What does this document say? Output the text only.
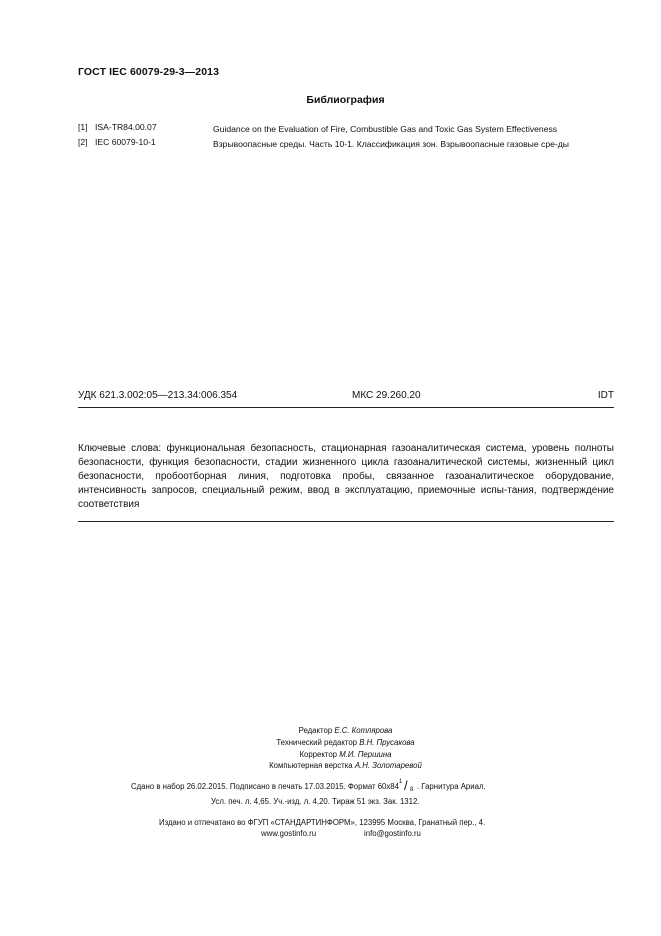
ГОСТ IEC 60079-29-3—2013
Библиография
[1] ISA-TR84.00.07	Guidance on the Evaluation of Fire, Combustible Gas and Toxic Gas System Effectiveness
[2] IEC 60079-10-1	Взрывоопасные среды. Часть 10-1. Классификация зон. Взрывоопасные газовые сре-ды
УДК 621.3.002:05—213.34:006.354	МКС 29.260.20	IDT
Ключевые слова: функциональная безопасность, стационарная газоаналитическая система, уровень полноты безопасности, функция безопасности, стадии жизненного цикла газоаналитической системы, жизненный цикл безопасности, пробоотборная линия, подготовка пробы, связанное газоаналитическое оборудование, интенсивность запросов, специальный режим, ввод в эксплуатацию, приемочные испы-тания, подтверждение соответствия
Редактор Е.С. Котлярова
Технический редактор В.Н. Прусакова
Корректор М.И. Першина
Компьютерная верстка А.Н. Золотаревой
Сдано в набор 26.02.2015. Подписано в печать 17.03.2015. Формат 60x84
1 / 8 . Гарнитура Ариал.
Усл. печ. л. 4,65. Уч.-изд. л. 4,20. Тираж 51 экз. Зак. 1312.
Издано и отпечатано во ФГУП «СТАНДАРТИНФОРМ», 123995 Москва, Гранатный пер., 4.
www.gostinfo.ru	info@gostinfo.ru
